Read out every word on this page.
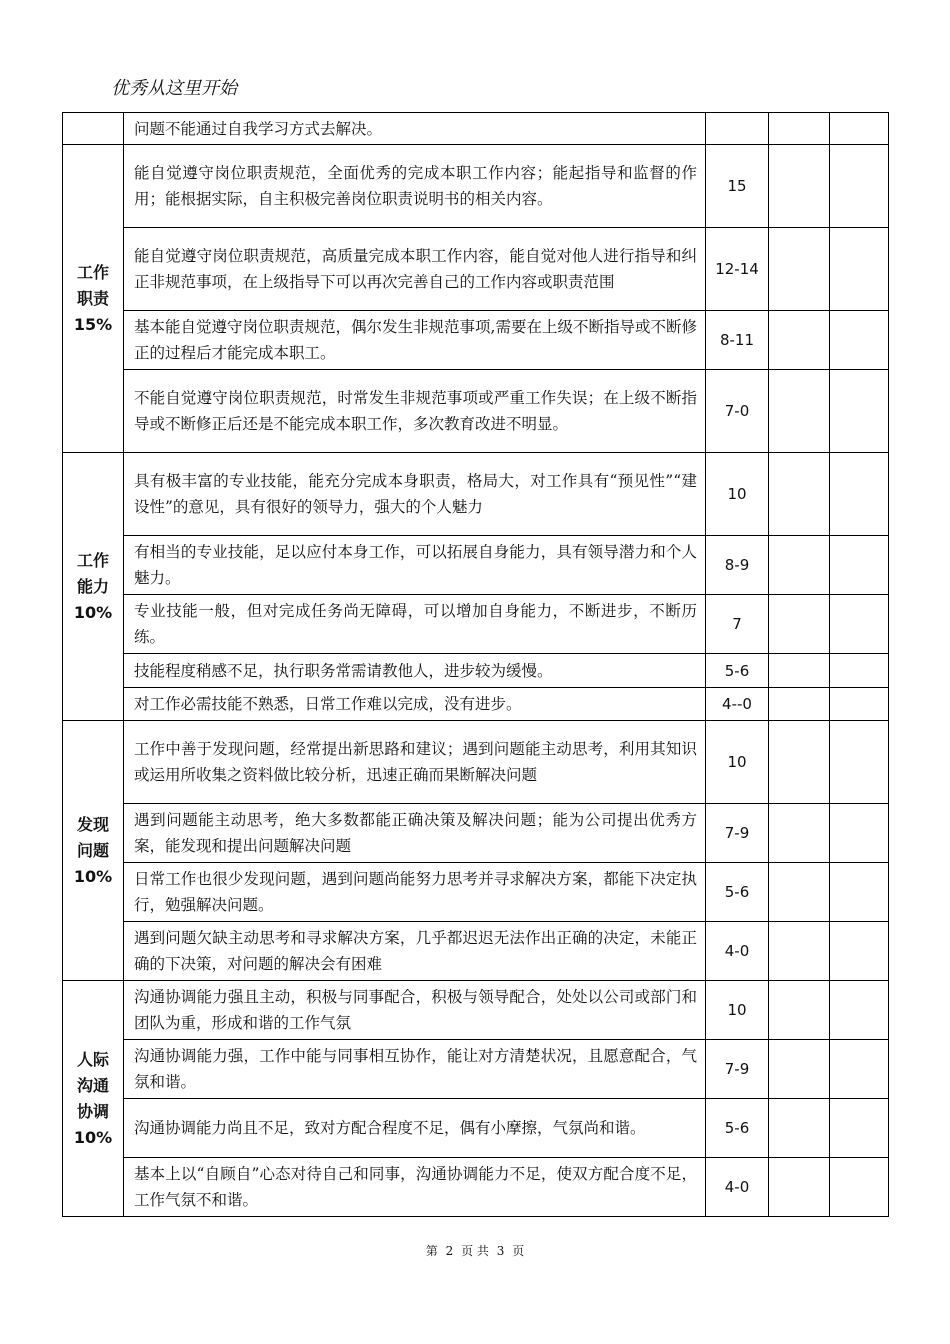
优秀从这里开始
	问题不能通过自我学习方式去解决。			

工作
职责
15%	能自觉遵守岗位职责规范，全面优秀的完成本职工作内容；能起指导和监督的作用；能根据实际，自主积极完善岗位职责说明书的相关内容。	15		
	能自觉遵守岗位职责规范，高质量完成本职工作内容，能自觉对他人进行指导和纠正非规范事项，在上级指导下可以再次完善自己的工作内容或职责范围	12-14		
	基本能自觉遵守岗位职责规范，偶尔发生非规范事项,需要在上级不断指导或不断修正的过程后才能完成本职工。	8-11		
	不能自觉遵守岗位职责规范，时常发生非规范事项或严重工作失误；在上级不断指导或不断修正后还是不能完成本职工作，多次教育改进不明显。	7-0		

工作
能力
10%	具有极丰富的专业技能，能充分完成本身职责，格局大，对工作具有“预见性”“建设性”的意见，具有很好的领导力，强大的个人魅力	10		
	有相当的专业技能，足以应付本身工作，可以拓展自身能力，具有领导潜力和个人魅力。	8-9		
	专业技能一般，但对完成任务尚无障碍，可以增加自身能力，不断进步，不断历练。	7		
	技能程度稍感不足，执行职务常需请教他人，进步较为缓慢。	5-6		
	对工作必需技能不熟悉，日常工作难以完成，没有进步。	4--0		

发现
问题
10%	工作中善于发现问题，经常提出新思路和建议；遇到问题能主动思考，利用其知识或运用所收集之资料做比较分析，迅速正确而果断解决问题	10		
	遇到问题能主动思考，绝大多数都能正确决策及解决问题；能为公司提出优秀方案，能发现和提出问题解决问题	7-9		
	日常工作也很少发现问题，遇到问题尚能努力思考并寻求解决方案，都能下决定执行，勉强解决问题。	5-6		
	遇到问题欠缺主动思考和寻求解决方案，几乎都迟迟无法作出正确的决定，未能正确的下决策，对问题的解决会有困难	4-0		

人际
沟通
协调
10%	沟通协调能力强且主动，积极与同事配合，积极与领导配合，处处以公司或部门和团队为重，形成和谐的工作气氛	10		
	沟通协调能力强，工作中能与同事相互协作，能让对方清楚状况，且愿意配合，气氛和谐。	7-9		
	沟通协调能力尚且不足，致对方配合程度不足，偶有小摩擦，气氛尚和谐。	5-6		
	基本上以“自顾自”心态对待自己和同事，沟通协调能力不足，使双方配合度不足，工作气氛不和谐。	4-0		
第 2 页 共 3 页
